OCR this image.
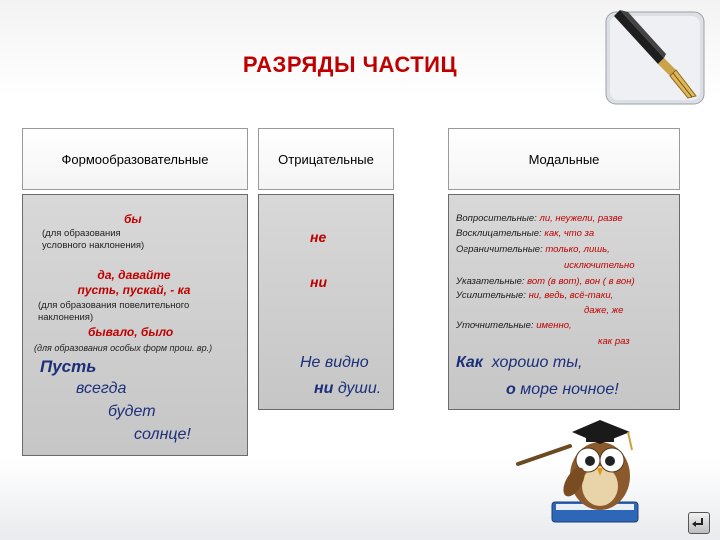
РАЗРЯДЫ ЧАСТИЦ
Формообразовательные
бы
(для образования
условного наклонения)
да, давайте
пусть, пускай, - ка
(для образования повелительного
наклонения)
бывало, было
(для образования особых форм прош. вр.)
Пусть
всегда
будет
солнце!
Отрицательные
не
ни
Не видно
ни души.
Модальные
Вопросительные: ли, неужели, разве
Восклицательные: как, что за
Ограничительные: только, лишь,
исключительно
Указательные: вот (в вот), вон ( в вон)
Усилительные: ни, ведь, всё-таки,
даже, же
Уточнительные: именно,
как раз
Как хорошо ты,
о море ночное!
